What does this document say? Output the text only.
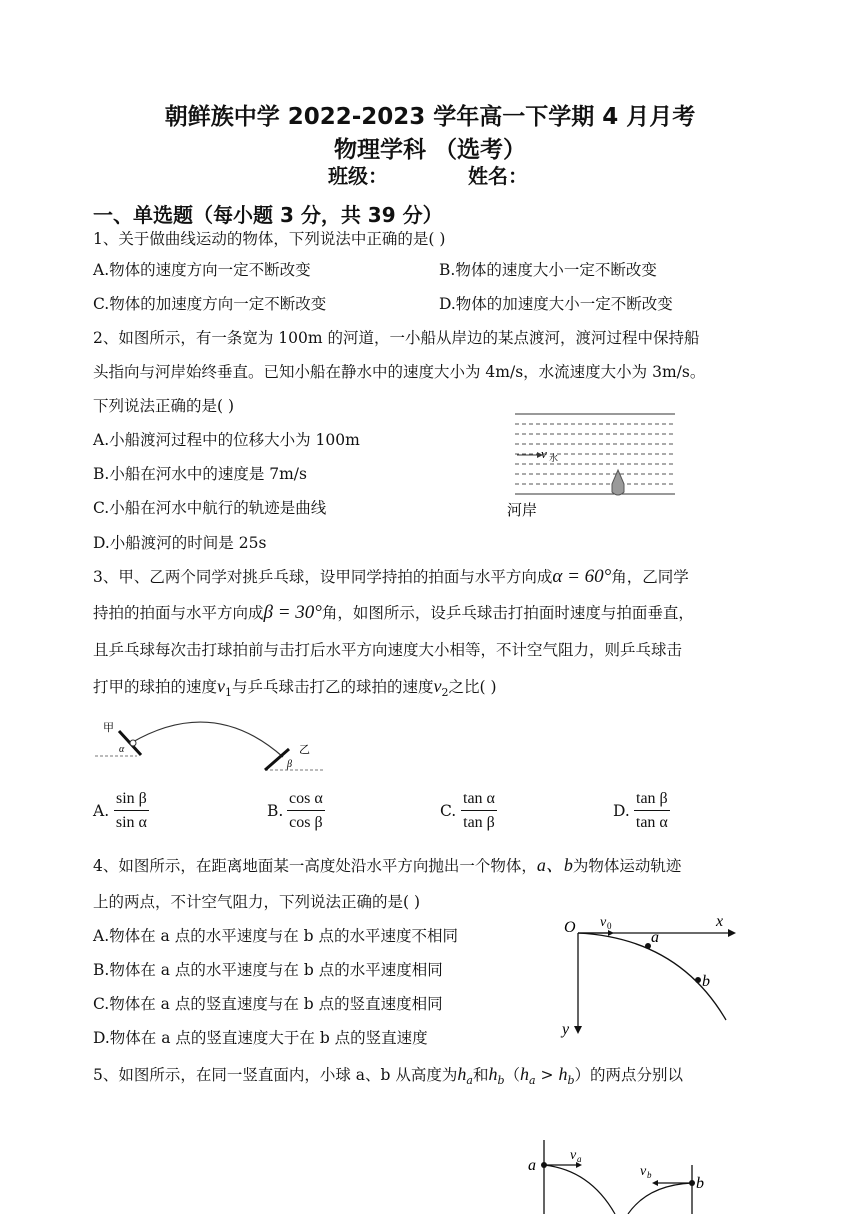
朝鲜族中学 2022-2023 学年高一下学期 4 月月考
物理学科 （选考）
班级：	姓名：
一、单选题（每小题 3 分，共 39 分）
1、关于做曲线运动的物体，下列说法中正确的是( )
A.物体的速度方向一定不断改变	B.物体的速度大小一定不断改变
C.物体的加速度方向一定不断改变	D.物体的加速度大小一定不断改变
2、如图所示，有一条宽为 100m 的河道，一小船从岸边的某点渡河，渡河过程中保持船
头指向与河岸始终垂直。已知小船在静水中的速度大小为 4m/s，水流速度大小为 3m/s。
下列说法正确的是( )
A.小船渡河过程中的位移大小为 100m
B.小船在河水中的速度是 7m/s
C.小船在河水中航行的轨迹是曲线
D.小船渡河的时间是 25s
v 水
河岸
3、甲、乙两个同学对挑乒乓球，设甲同学持拍的拍面与水平方向成α = 60°角，乙同学
持拍的拍面与水平方向成β = 30°角，如图所示，设乒乓球击打拍面时速度与拍面垂直，
且乒乓球每次击打球拍前与击打后水平方向速度大小相等，不计空气阻力，则乒乓球击
打甲的球拍的速度$v_1$与乒乓球击打乙的球拍的速度$v_2$之比( )
甲
α	乙
β
A. $\frac{\text{sin β}}{\text{sin α}}$	B. $\frac{\text{cos α}}{\text{cos β}}$	C. $\frac{\text{tan α}}{\text{tan β}}$	D. $\frac{\text{tan β}}{\text{tan α}}$
4、如图所示，在距离地面某一高度处沿水平方向抛出一个物体，a、b为物体运动轨迹
上的两点，不计空气阻力，下列说法正确的是( )
A.物体在 a 点的水平速度与在 b 点的水平速度不相同
B.物体在 a 点的水平速度与在 b 点的水平速度相同
C.物体在 a 点的竖直速度与在 b 点的竖直速度相同
D.物体在 a 点的竖直速度大于在 b 点的竖直速度
O v 0	x
y
a
b
5、如图所示，在同一竖直面内，小球 a、b 从高度为$h_a$和$h_b(h_a > h_b)$的两点分别以
a
b
v a
v b
